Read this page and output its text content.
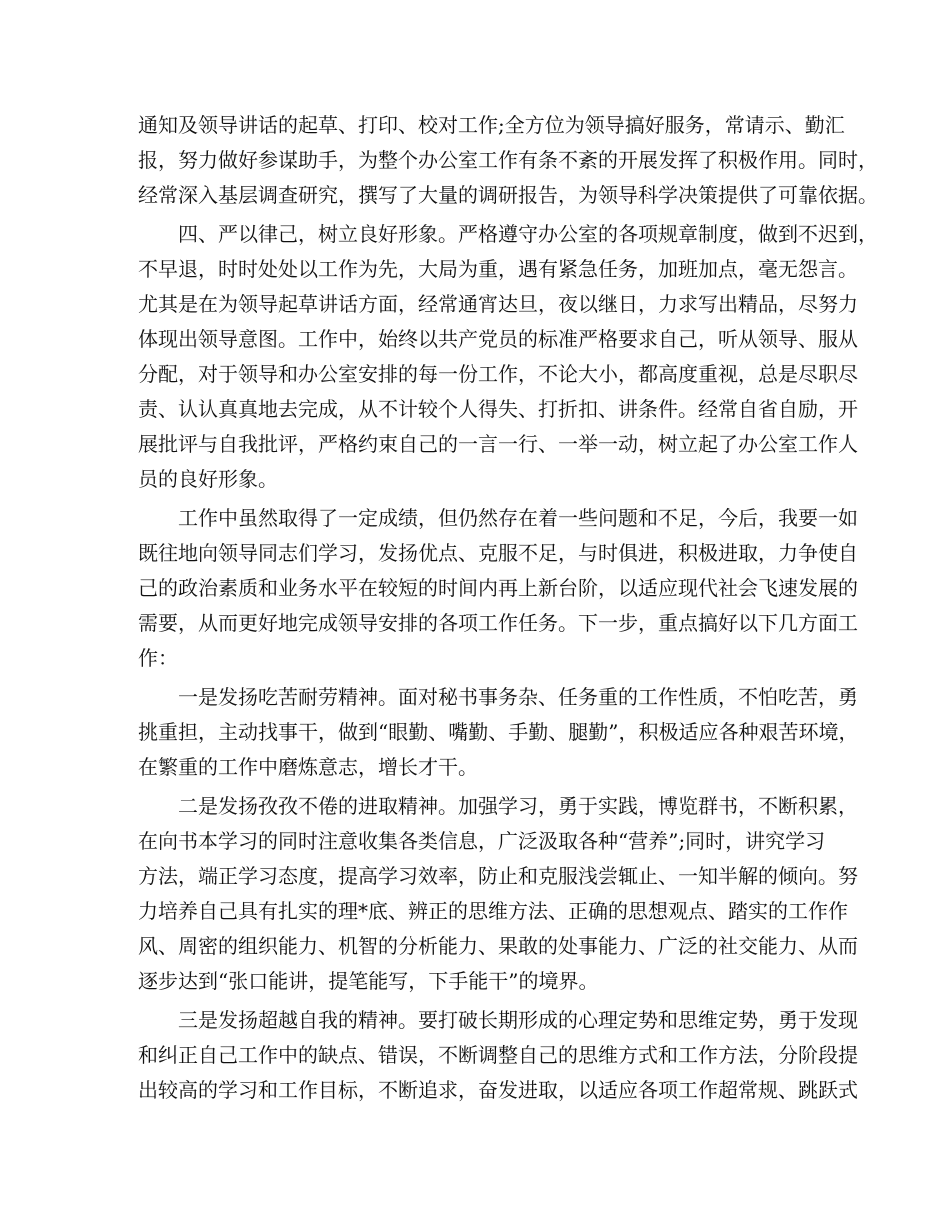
通知及领导讲话的起草、打印、校对工作;全方位为领导搞好服务，常请示、勤汇
报，努力做好参谋助手，为整个办公室工作有条不紊的开展发挥了积极作用。同时，
经常深入基层调查研究，撰写了大量的调研报告，为领导科学决策提供了可靠依据。
四、严以律己，树立良好形象。严格遵守办公室的各项规章制度，做到不迟到，
不早退，时时处处以工作为先，大局为重，遇有紧急任务，加班加点，毫无怨言。
尤其是在为领导起草讲话方面，经常通宵达旦，夜以继日，力求写出精品，尽努力
体现出领导意图。工作中，始终以共产党员的标准严格要求自己，听从领导、服从
分配，对于领导和办公室安排的每一份工作，不论大小，都高度重视，总是尽职尽
责、认认真真地去完成，从不计较个人得失、打折扣、讲条件。经常自省自励，开
展批评与自我批评，严格约束自己的一言一行、一举一动，树立起了办公室工作人
员的良好形象。
工作中虽然取得了一定成绩，但仍然存在着一些问题和不足，今后，我要一如
既往地向领导同志们学习，发扬优点、克服不足，与时俱进，积极进取，力争使自
己的政治素质和业务水平在较短的时间内再上新台阶，以适应现代社会飞速发展的
需要，从而更好地完成领导安排的各项工作任务。下一步，重点搞好以下几方面工
作：
一是发扬吃苦耐劳精神。面对秘书事务杂、任务重的工作性质，不怕吃苦，勇
挑重担，主动找事干，做到“眼勤、嘴勤、手勤、腿勤”，积极适应各种艰苦环境，
在繁重的工作中磨炼意志，增长才干。
二是发扬孜孜不倦的进取精神。加强学习，勇于实践，博览群书，不断积累，
在向书本学习的同时注意收集各类信息，广泛汲取各种“营养”;同时，讲究学习
方法，端正学习态度，提高学习效率，防止和克服浅尝辄止、一知半解的倾向。努
力培养自己具有扎实的理*底、辨正的思维方法、正确的思想观点、踏实的工作作
风、周密的组织能力、机智的分析能力、果敢的处事能力、广泛的社交能力、从而
逐步达到“张口能讲，提笔能写，下手能干”的境界。
三是发扬超越自我的精神。要打破长期形成的心理定势和思维定势，勇于发现
和纠正自己工作中的缺点、错误，不断调整自己的思维方式和工作方法，分阶段提
出较高的学习和工作目标，不断追求，奋发进取，以适应各项工作超常规、跳跃式
